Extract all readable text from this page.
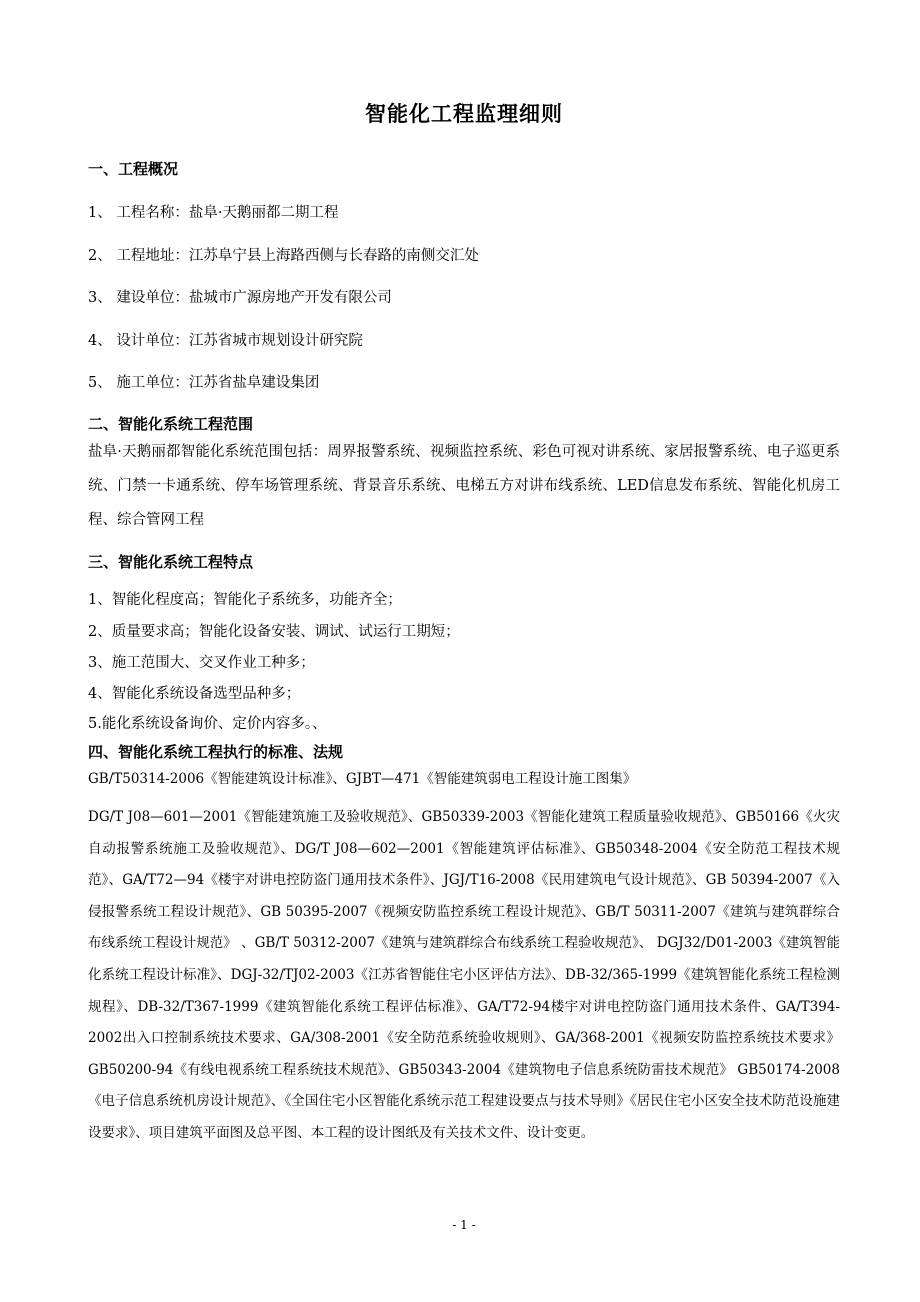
智能化工程监理细则
一、工程概况
1、 工程名称：盐阜·天鹅丽都二期工程
2、 工程地址：江苏阜宁县上海路西侧与长春路的南侧交汇处
3、 建设单位：盐城市广源房地产开发有限公司
4、 设计单位：江苏省城市规划设计研究院
5、 施工单位：江苏省盐阜建设集团
二、智能化系统工程范围
盐阜·天鹅丽都智能化系统范围包括：周界报警系统、视频监控系统、彩色可视对讲系统、家居报警系统、电子巡更系统、门禁一卡通系统、停车场管理系统、背景音乐系统、电梯五方对讲布线系统、LED信息发布系统、智能化机房工程、综合管网工程
三、智能化系统工程特点
1、智能化程度高；智能化子系统多，功能齐全；
2、质量要求高；智能化设备安装、调试、试运行工期短；
3、施工范围大、交叉作业工种多；
4、智能化系统设备选型品种多；
5.能化系统设备询价、定价内容多。、
四、智能化系统工程执行的标准、法规
GB/T50314-2006《智能建筑设计标准》、GJBT—471《智能建筑弱电工程设计施工图集》
DG/T J08—601—2001《智能建筑施工及验收规范》、GB50339-2003《智能化建筑工程质量验收规范》、GB50166《火灾自动报警系统施工及验收规范》、DG/T J08—602—2001《智能建筑评估标准》、GB50348-2004《安全防范工程技术规范》、GA/T72—94《楼宇对讲电控防盗门通用技术条件》、JGJ/T16-2008《民用建筑电气设计规范》、GB 50394-2007《入侵报警系统工程设计规范》、GB 50395-2007《视频安防监控系统工程设计规范》、GB/T 50311-2007《建筑与建筑群综合布线系统工程设计规范》 、GB/T 50312-2007《建筑与建筑群综合布线系统工程验收规范》、 DGJ32/D01-2003《建筑智能化系统工程设计标准》、DGJ-32/TJ02-2003《江苏省智能住宅小区评估方法》、DB-32/365-1999《建筑智能化系统工程检测规程》、DB-32/T367-1999《建筑智能化系统工程评估标准》、GA/T72-94楼宇对讲电控防盗门通用技术条件、GA/T394-2002出入口控制系统技术要求、GA/308-2001《安全防范系统验收规则》、GA/368-2001《视频安防监控系统技术要求》GB50200-94《有线电视系统工程系统技术规范》、GB50343-2004《建筑物电子信息系统防雷技术规范》 GB50174-2008《电子信息系统机房设计规范》、《全国住宅小区智能化系统示范工程建设要点与技术导则》《居民住宅小区安全技术防范设施建设要求》、项目建筑平面图及总平图、本工程的设计图纸及有关技术文件、设计变更。
- 1 -
